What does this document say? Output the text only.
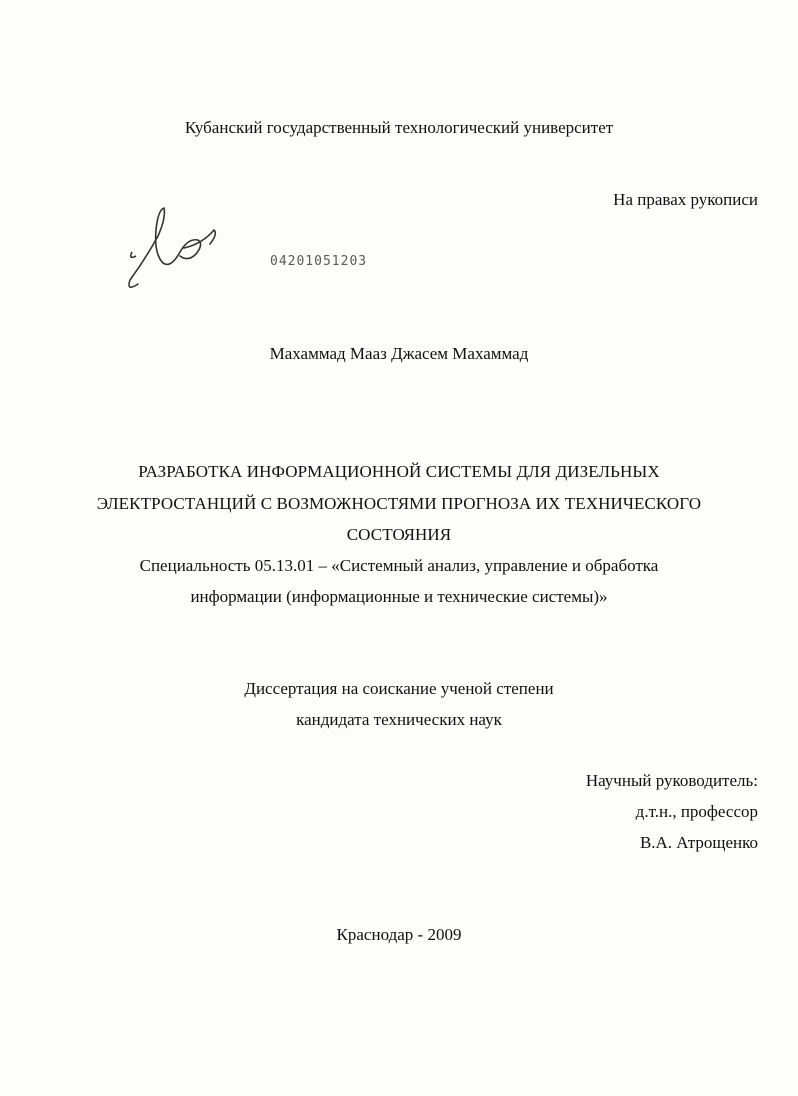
Кубанский государственный технологический университет
На правах рукописи
04201051203
Махаммад Мааз Джасем Махаммад
РАЗРАБОТКА ИНФОРМАЦИОННОЙ СИСТЕМЫ ДЛЯ ДИЗЕЛЬНЫХ
ЭЛЕКТРОСТАНЦИЙ С ВОЗМОЖНОСТЯМИ ПРОГНОЗА ИХ ТЕХНИЧЕСКОГО
СОСТОЯНИЯ
Специальность 05.13.01 – «Системный анализ, управление и обработка
информации (информационные и технические системы)»
Диссертация на соискание ученой степени
кандидата технических наук
Научный руководитель:
д.т.н., профессор
В.А. Атрощенко
Краснодар - 2009
